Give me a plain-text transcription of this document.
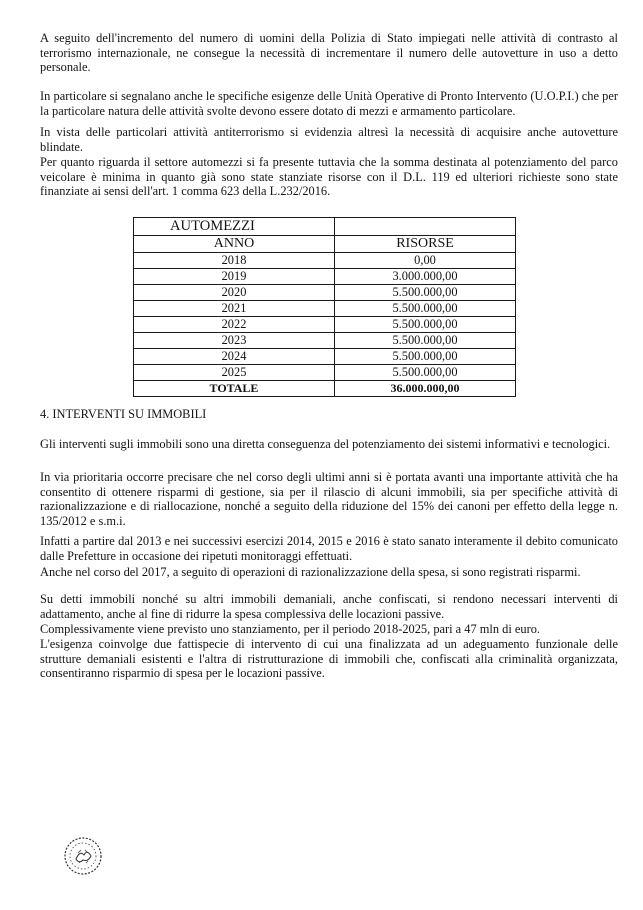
A seguito dell'incremento del numero di uomini della Polizia di Stato impiegati nelle attività di contrasto al terrorismo internazionale, ne consegue la necessità di incrementare il numero delle autovetture in uso a detto personale.

In particolare si segnalano anche le specifiche esigenze delle Unità Operative di Pronto Intervento (U.O.P.I.) che per la particolare natura delle attività svolte devono essere dotato di mezzi e armamento particolare.

In vista delle particolari attività antiterrorismo si evidenzia altresì la necessità di acquisire anche autovetture blindate.

Per quanto riguarda il settore automezzi si fa presente tuttavia che la somma destinata al potenziamento del parco veicolare è minima in quanto già sono state stanziate risorse con il D.L. 119 ed ulteriori richieste sono state finanziate ai sensi dell'art. 1 comma 623 della L.232/2016.

AUTOMEZZI	
ANNO	RISORSE
2018	0,00
2019	3.000.000,00
2020	5.500.000,00
2021	5.500.000,00
2022	5.500.000,00
2023	5.500.000,00
2024	5.500.000,00
2025	5.500.000,00
TOTALE	36.000.000,00

4. INTERVENTI SU IMMOBILI

Gli interventi sugli immobili sono una diretta conseguenza del potenziamento dei sistemi informativi e tecnologici.

In via prioritaria occorre precisare che nel corso degli ultimi anni si è portata avanti una importante attività che ha consentito di ottenere risparmi di gestione, sia per il rilascio di alcuni immobili, sia per specifiche attività di razionalizzazione e di riallocazione, nonché a seguito della riduzione del 15% dei canoni per effetto della legge n. 135/2012 e s.m.i.

Infatti a partire dal 2013 e nei successivi esercizi 2014, 2015 e 2016 è stato sanato interamente il debito comunicato dalle Prefetture in occasione dei ripetuti monitoraggi effettuati.

Anche nel corso del 2017, a seguito di operazioni di razionalizzazione della spesa, si sono registrati risparmi.

Su detti immobili nonché su altri immobili demaniali, anche confiscati, si rendono necessari interventi di adattamento, anche al fine di ridurre la spesa complessiva delle locazioni passive.

Complessivamente viene previsto uno stanziamento, per il periodo 2018-2025, pari a 47 mln di euro.

L'esigenza coinvolge due fattispecie di intervento di cui una finalizzata ad un adeguamento funzionale delle strutture demaniali esistenti e l'altra di ristrutturazione di immobili che, confiscati alla criminalità organizzata, consentiranno risparmio di spesa per le locazioni passive.
